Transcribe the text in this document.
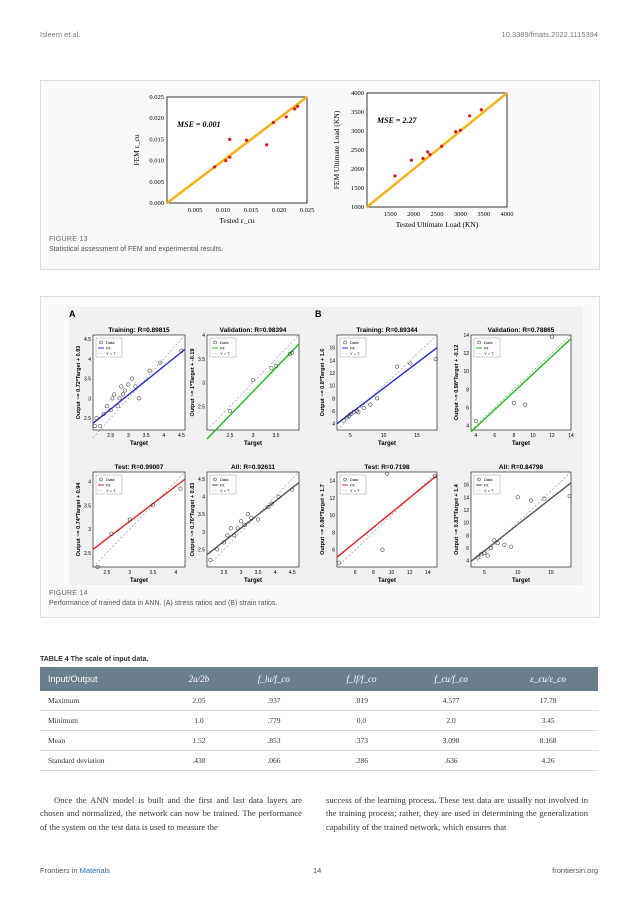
Isleem et al.	10.3389/fmats.2022.1115394
0.005 0.010 0.015 0.020 0.025
0.000
0.005
0.010
0.015
0.020
0.025
Tested ε_cu
FEM ε_cu
MSE = 0.001
1500 2000 2500 3000 3500 4000
1000
1500
2000
2500
3000
3500
4000
Tested Ultimate Load (KN)
FEM Ultimate Load (KN)	MSE = 2.27
FIGURE 13
Statistical assessment of FEM and experimental results.
A	B
Training: R=0.89815
2.5	3	3.5	4	4.5
2.5
3
3.5
4
4.5
Target
Output ~= 0.72*Target + 0.93
Data
Fit
Y = T
Validation: R=0.98394
2.5	3	3.5
2.5
3
3.5
4
Target
Output ~= 1*Target + -0.19
Data
Fit
Y = T
Training: R=0.89344
5	10	15
4
6
8
10
12
14
16
Target
Output ~= 0.8*Target + 1.6
Data
Fit
Y = T
Validation: R=0.78865
4	6	8	10	12	14
4
6
8
10
12
14
Target
Output ~= 0.98*Target + -0.12
Data
Fit
Y = T
Test: R=0.99007
2.5	3	3.5	4
2.5
3
3.5
4
Target
Output ~= 0.74*Target + 0.94
Data
Fit
Y = T
All: R=0.92611
2.5 3 3.5 4 4.5
2.5
3
3.5
4
4.5
Target
Output ~= 0.76*Target + 0.83
Data
Fit
Y = T
Test: R=0.7198
6	8	10	12	14
6
8
10
12
14
Target
Output ~= 0.86*Target + 1.7
Data
Fit
Y = T
All: R=0.84798
5	10	15
4
6
8
10
12
14
16
Target
Output ~= 0.83*Target + 1.4
Data
Fit
Y = T
FIGURE 14
Performance of trained data in ANN. (A) stress ratios and (B) strain ratios.
TABLE 4 The scale of input data.
Input/Output	2a/2b	f_lu/f_co	f_lf/f_co	f_cu/f_co	ε_cu/ε_co
Maximum	2.05	.937	.819	4.577	17.78
Minimum	1.0	.779	0.0	2.0	3.45
Mean	1.52	.853	.373	3.098	8.168
Standard deviation	.438	.066	.286	.636	4.26
Once the ANN model is built and the first and last data layers are chosen and normalized, the network can now be trained. The performance of the system on the test data is used to measure the
success of the learning process. These test data are usually not involved in the training process; rather, they are used in determining the generalization capability of the trained network, which ensures that
Frontiers in Materials	14	frontiersin.org
